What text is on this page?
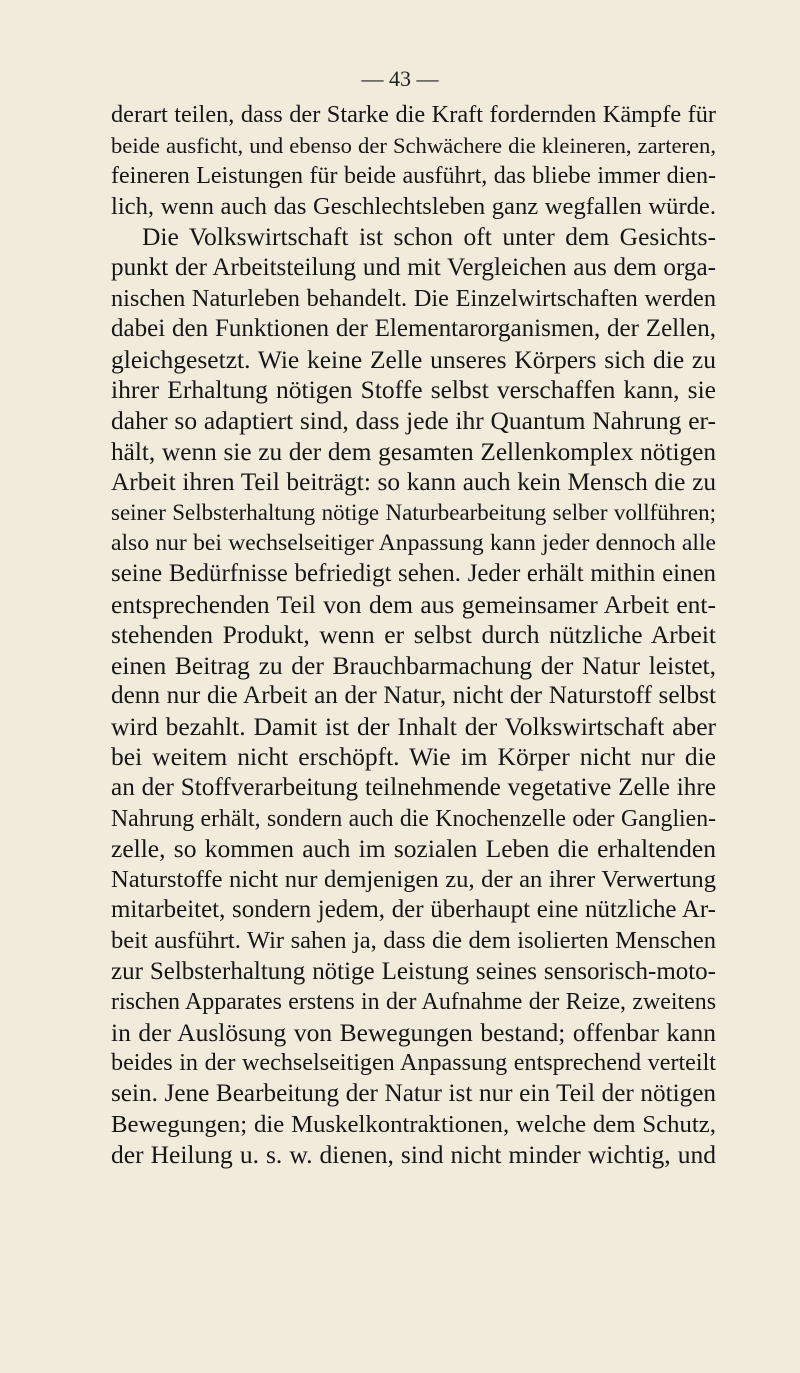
— 43 —
derart teilen, dass der Starke die Kraft fordernden Kämpfe für
beide ausficht, und ebenso der Schwächere die kleineren, zarteren,
feineren Leistungen für beide ausführt, das bliebe immer dien-
lich, wenn auch das Geschlechtsleben ganz wegfallen würde.
Die Volkswirtschaft ist schon oft unter dem Gesichts-
punkt der Arbeitsteilung und mit Vergleichen aus dem orga-
nischen Naturleben behandelt. Die Einzelwirtschaften werden
dabei den Funktionen der Elementarorganismen, der Zellen,
gleichgesetzt. Wie keine Zelle unseres Körpers sich die zu
ihrer Erhaltung nötigen Stoffe selbst verschaffen kann, sie
daher so adaptiert sind, dass jede ihr Quantum Nahrung er-
hält, wenn sie zu der dem gesamten Zellenkomplex nötigen
Arbeit ihren Teil beiträgt: so kann auch kein Mensch die zu
seiner Selbsterhaltung nötige Naturbearbeitung selber vollführen;
also nur bei wechselseitiger Anpassung kann jeder dennoch alle
seine Bedürfnisse befriedigt sehen. Jeder erhält mithin einen
entsprechenden Teil von dem aus gemeinsamer Arbeit ent-
stehenden Produkt, wenn er selbst durch nützliche Arbeit
einen Beitrag zu der Brauchbarmachung der Natur leistet,
denn nur die Arbeit an der Natur, nicht der Naturstoff selbst
wird bezahlt. Damit ist der Inhalt der Volkswirtschaft aber
bei weitem nicht erschöpft. Wie im Körper nicht nur die
an der Stoffverarbeitung teilnehmende vegetative Zelle ihre
Nahrung erhält, sondern auch die Knochenzelle oder Ganglien-
zelle, so kommen auch im sozialen Leben die erhaltenden
Naturstoffe nicht nur demjenigen zu, der an ihrer Verwertung
mitarbeitet, sondern jedem, der überhaupt eine nützliche Ar-
beit ausführt. Wir sahen ja, dass die dem isolierten Menschen
zur Selbsterhaltung nötige Leistung seines sensorisch-moto-
rischen Apparates erstens in der Aufnahme der Reize, zweitens
in der Auslösung von Bewegungen bestand; offenbar kann
beides in der wechselseitigen Anpassung entsprechend verteilt
sein. Jene Bearbeitung der Natur ist nur ein Teil der nötigen
Bewegungen; die Muskelkontraktionen, welche dem Schutz,
der Heilung u. s. w. dienen, sind nicht minder wichtig, und
